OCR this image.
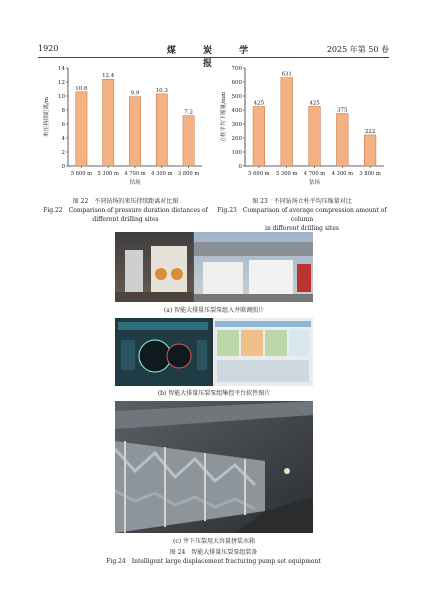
1920	煤 炭 学 报
2025 年第 50 卷
0
2
4
6
8
10
12
14
来压持续距离/m
10.6
5 600 m
12.4
5 300 m
9.9
4 700 m
10.3
4 300 m
7.2
3 800 m
钻场
0
100
200
300
400
500
600
700
立柱平均下缩量/mm	425
5 600 m
631
5 300 m
425
4 700 m
375
4 300 m
222
3 800 m
钻场
图 22　不同钻场的来压持续距离对比图
Fig.22　Comparison of pressure duration distances of
different drilling sites
图 23　不同钻场立柱平均压缩量对比
Fig.23　Comparison of average compression amount of column
in different drilling sites
(a) 智能大排量压裂泵组入井联调照片
(b) 智能大排量压裂泵组集控平台软件图片
(c) 井下压裂用大容量拼装水箱
图 24　智能大排量压裂泵组装备
Fig.24　Intelligent large displacement fracturing pump set equipment
